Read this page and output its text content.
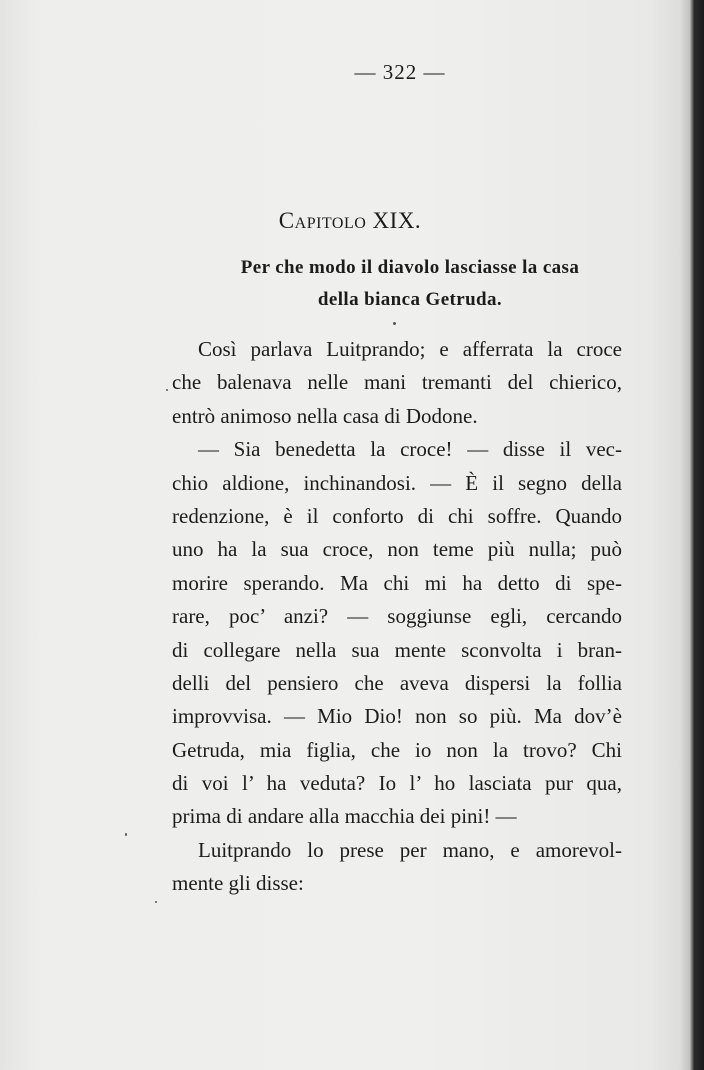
— 322 —
Capitolo XIX.
Per che modo il diavolo lasciasse la casa
della bianca Getruda.
Così parlava Luitprando; e afferrata la croce
che balenava nelle mani tremanti del chierico,
entrò animoso nella casa di Dodone.
— Sia benedetta la croce! — disse il vec-
chio aldione, inchinandosi. — È il segno della
redenzione, è il conforto di chi soffre. Quando
uno ha la sua croce, non teme più nulla; può
morire sperando. Ma chi mi ha detto di spe-
rare, poc’ anzi? — soggiunse egli, cercando
di collegare nella sua mente sconvolta i bran-
delli del pensiero che aveva dispersi la follia
improvvisa. — Mio Dio! non so più. Ma dov’è
Getruda, mia figlia, che io non la trovo? Chi
di voi l’ ha veduta? Io l’ ho lasciata pur qua,
prima di andare alla macchia dei pini! —
Luitprando lo prese per mano, e amorevol-
mente gli disse:
